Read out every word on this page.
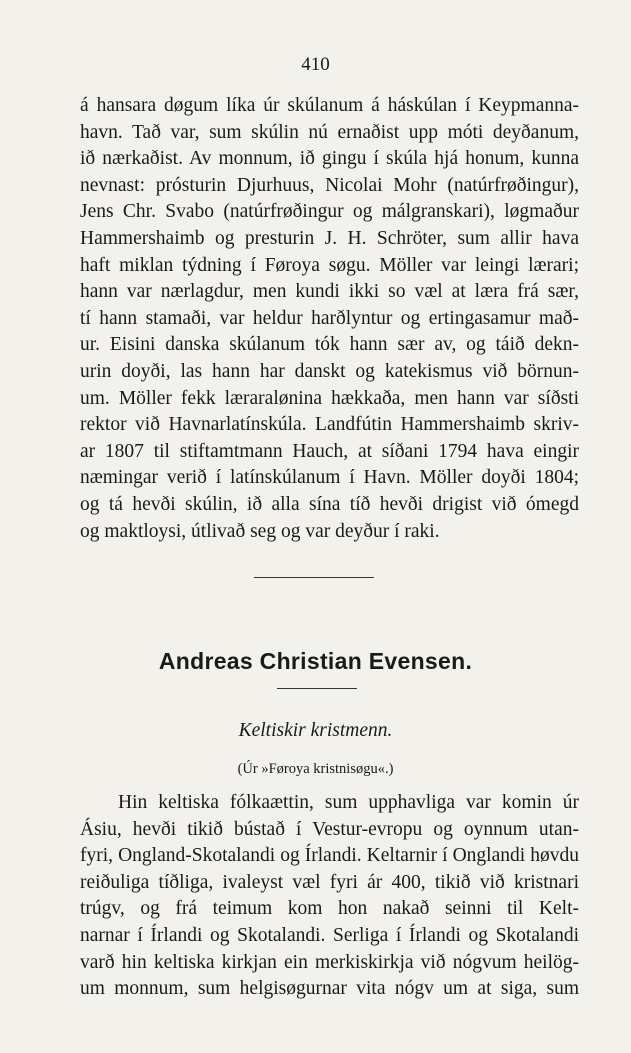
410
á hansara døgum líka úr skúlanum á háskúlan í Keypmanna-
havn. Tað var, sum skúlin nú ernaðist upp móti deyðanum,
ið nærkaðist. Av monnum, ið gingu í skúla hjá honum, kunna
nevnast: prósturin Djurhuus, Nicolai Mohr (natúrfrøðingur),
Jens Chr. Svabo (natúrfrøðingur og málgranskari), løgmaður
Hammershaimb og presturin J. H. Schröter, sum allir hava
haft miklan týdning í Føroya søgu. Möller var leingi lærari;
hann var nærlagdur, men kundi ikki so væl at læra frá sær,
tí hann stamaði, var heldur harðlyntur og ertingasamur mað-
ur. Eisini danska skúlanum tók hann sær av, og táið dekn-
urin doyði, las hann har danskt og katekismus við börnun-
um. Möller fekk læraralønina hækkaða, men hann var síðsti
rektor við Havnarlatínskúla. Landfútin Hammershaimb skriv-
ar 1807 til stiftamtmann Hauch, at síðani 1794 hava eingir
næmingar verið í latínskúlanum í Havn. Möller doyði 1804;
og tá hevði skúlin, ið alla sína tíð hevði drigist við ómegd
og maktloysi, útlivað seg og var deyður í raki.
Andreas Christian Evensen.
Keltiskir kristmenn.
(Úr »Føroya kristnisøgu«.)
Hin keltiska fólkaættin, sum upphavliga var komin úr
Ásiu, hevði tikið bústað í Vestur-evropu og oynnum utan-
fyri, Ongland-Skotalandi og Írlandi. Keltarnir í Onglandi høvdu
reiðuliga tíðliga, ivaleyst væl fyri ár 400, tikið við kristnari
trúgv, og frá teimum kom hon nakað seinni til Kelt-
narnar í Írlandi og Skotalandi. Serliga í Írlandi og Skotalandi
varð hin keltiska kirkjan ein merkiskirkja við nógvum heilög-
um monnum, sum helgisøgurnar vita nógv um at siga, sum
